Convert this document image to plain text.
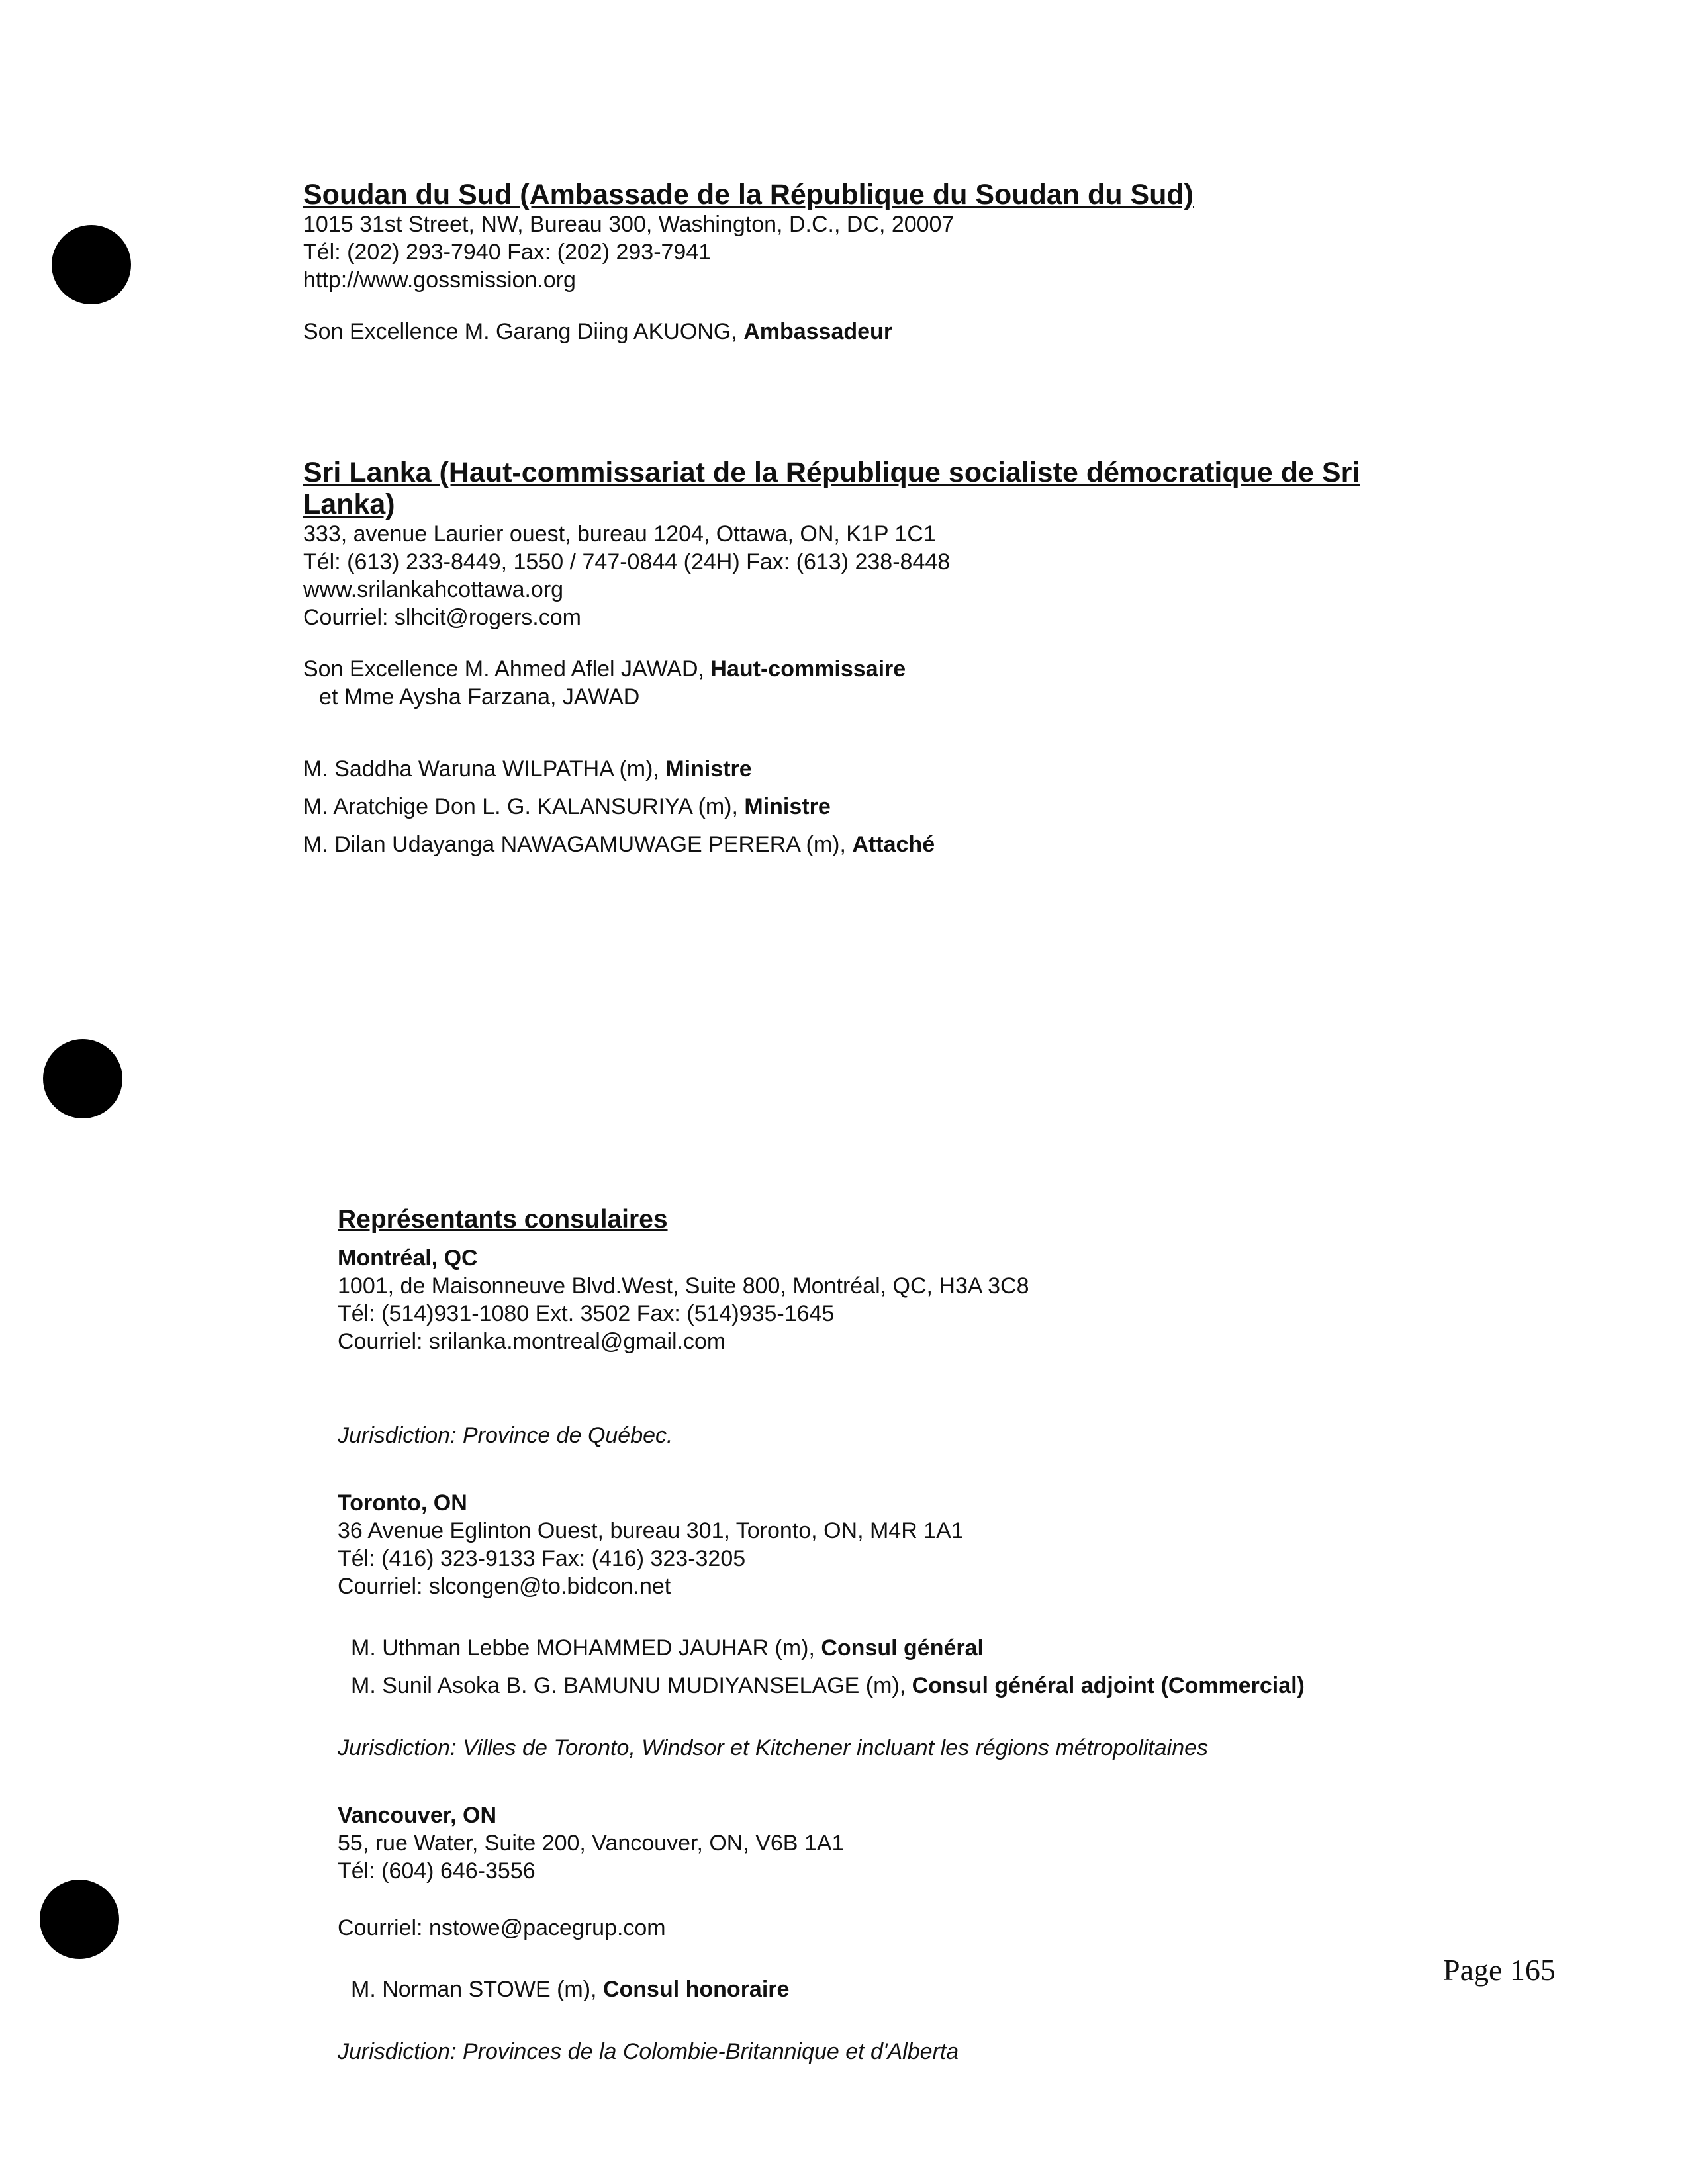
Soudan du Sud (Ambassade de la République du Soudan du Sud)

1015 31st Street, NW, Bureau 300, Washington, D.C., DC, 20007

Tél: (202) 293-7940 Fax: (202) 293-7941

http://www.gossmission.org

Son Excellence M. Garang Diing AKUONG, Ambassadeur

Sri Lanka (Haut-commissariat de la République socialiste démocratique de Sri Lanka)

333, avenue Laurier ouest, bureau 1204, Ottawa, ON, K1P 1C1

Tél: (613) 233-8449, 1550 / 747-0844 (24H) Fax: (613) 238-8448

www.srilankahcottawa.org

Courriel: slhcit@rogers.com

Son Excellence M. Ahmed Aflel JAWAD, Haut-commissaire

et Mme Aysha Farzana, JAWAD

M. Saddha Waruna WILPATHA (m), Ministre

M. Aratchige Don L. G. KALANSURIYA (m), Ministre

M. Dilan Udayanga NAWAGAMUWAGE PERERA (m), Attaché

Représentants consulaires

Montréal, QC

1001, de Maisonneuve Blvd.West, Suite 800, Montréal, QC, H3A 3C8

Tél: (514)931-1080 Ext. 3502 Fax: (514)935-1645

Courriel: srilanka.montreal@gmail.com

Jurisdiction: Province de Québec.

Toronto, ON

36 Avenue Eglinton Ouest, bureau 301, Toronto, ON, M4R 1A1

Tél: (416) 323-9133 Fax: (416) 323-3205

Courriel: slcongen@to.bidcon.net

M. Uthman Lebbe MOHAMMED JAUHAR (m), Consul général

M. Sunil Asoka B. G. BAMUNU MUDIYANSELAGE (m), Consul général adjoint (Commercial)

Jurisdiction: Villes de Toronto, Windsor et Kitchener incluant les régions métropolitaines

Vancouver, ON

55, rue Water, Suite 200, Vancouver, ON, V6B 1A1

Tél: (604) 646-3556

Courriel: nstowe@pacegrup.com

M. Norman STOWE (m), Consul honoraire

Jurisdiction: Provinces de la Colombie-Britannique et d'Alberta

Page 165
